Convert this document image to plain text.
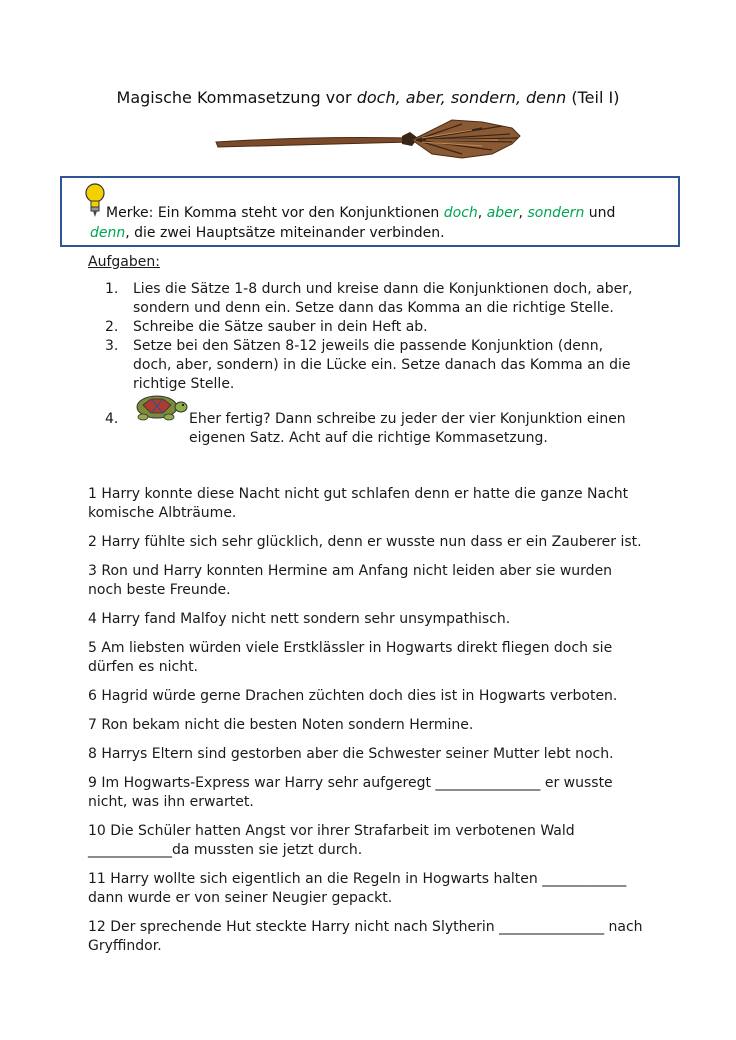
Magische Kommasetzung vor doch, aber, sondern, denn (Teil I)
Merke: Ein Komma steht vor den Konjunktionen doch, aber, sondern und denn, die zwei Hauptsätze miteinander verbinden.
Aufgaben:

1. Lies die Sätze 1-8 durch und kreise dann die Konjunktionen doch, aber, sondern und denn ein. Setze dann das Komma an die richtige Stelle.

2. Schreibe die Sätze sauber in dein Heft ab.

3. Setze bei den Sätzen 8-12 jeweils die passende Konjunktion (denn, doch, aber, sondern) in die Lücke ein. Setze danach das Komma an die richtige Stelle.

4.	Eher fertig? Dann schreibe zu jeder der vier Konjunktion einen eigenen Satz. Acht auf die richtige Kommasetzung.

1 Harry konnte diese Nacht nicht gut schlafen denn er hatte die ganze Nacht komische Albträume.

2 Harry fühlte sich sehr glücklich, denn er wusste nun dass er ein Zauberer ist.

3 Ron und Harry konnten Hermine am Anfang nicht leiden aber sie wurden noch beste Freunde.

4 Harry fand Malfoy nicht nett sondern sehr unsympathisch.

5 Am liebsten würden viele Erstklässler in Hogwarts direkt fliegen doch sie dürfen es nicht.

6 Hagrid würde gerne Drachen züchten doch dies ist in Hogwarts verboten.

7 Ron bekam nicht die besten Noten sondern Hermine.

8 Harrys Eltern sind gestorben aber die Schwester seiner Mutter lebt noch.

9 Im Hogwarts-Express war Harry sehr aufgeregt _______________ er wusste nicht, was ihn erwartet.

10 Die Schüler hatten Angst vor ihrer Strafarbeit im verbotenen Wald ____________da mussten sie jetzt durch.

11 Harry wollte sich eigentlich an die Regeln in Hogwarts halten ____________ dann wurde er von seiner Neugier gepackt.

12 Der sprechende Hut steckte Harry nicht nach Slytherin _______________ nach Gryffindor.
